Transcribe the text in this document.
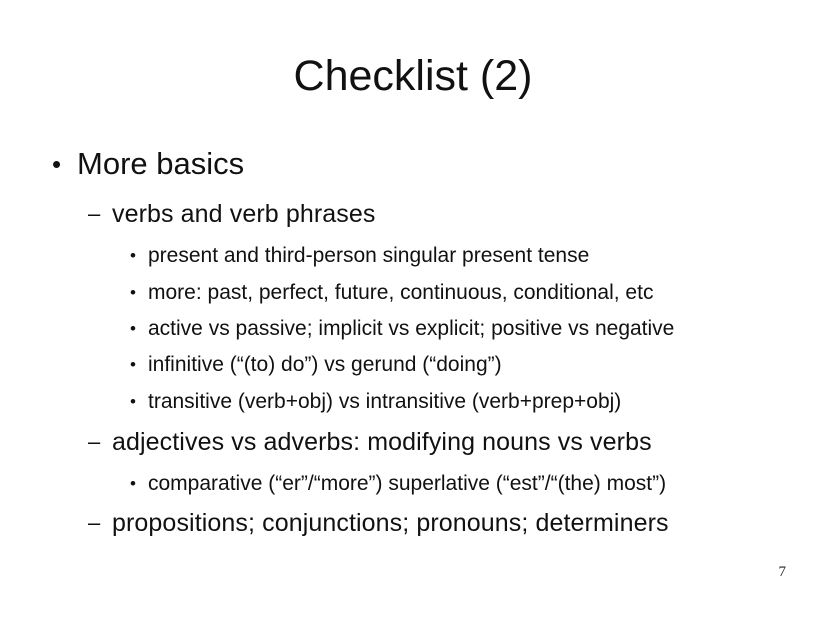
Checklist (2)
• More basics
– verbs and verb phrases
• present and third-person singular present tense
• more: past, perfect, future, continuous, conditional, etc
• active vs passive; implicit vs explicit; positive vs negative
• infinitive (“(to) do”) vs gerund (“doing”)
• transitive (verb+obj) vs intransitive (verb+prep+obj)
– adjectives vs adverbs: modifying nouns vs verbs
• comparative (“er”/“more”) superlative (“est”/“(the) most”)
– propositions; conjunctions; pronouns; determiners
7
